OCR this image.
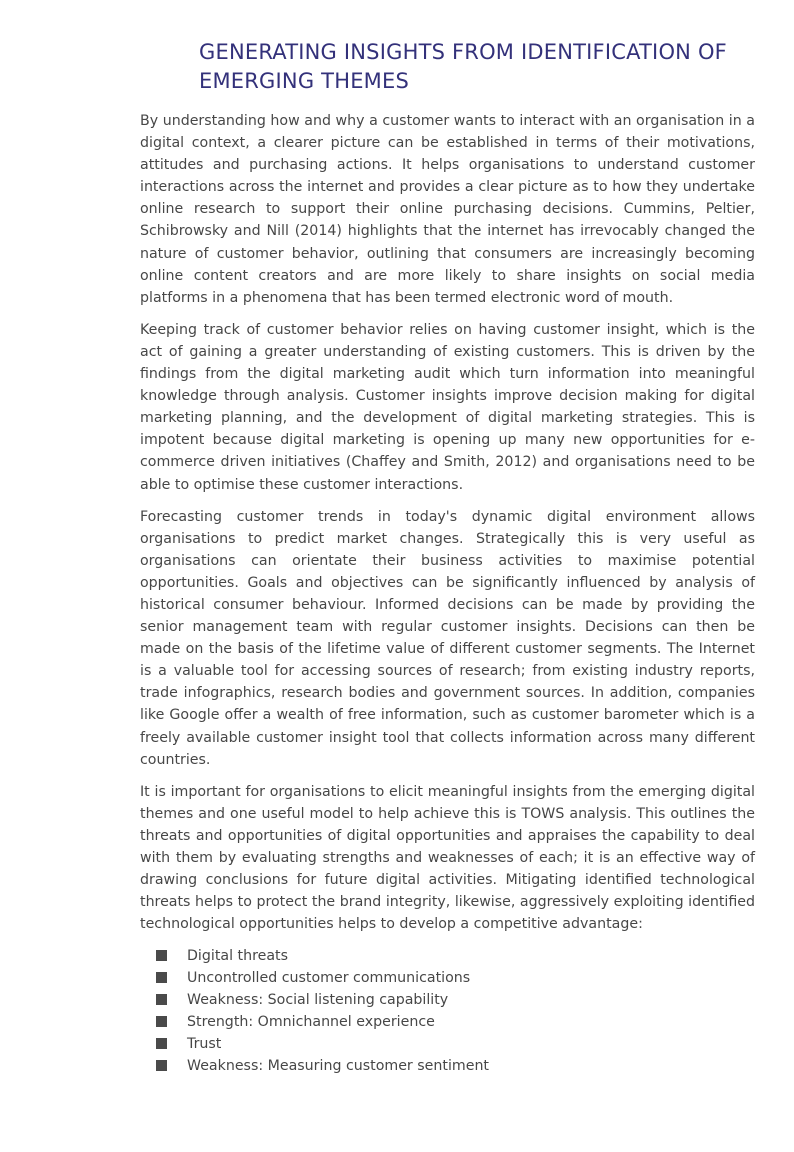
GENERATING INSIGHTS FROM IDENTIFICATION OF EMERGING THEMES

By understanding how and why a customer wants to interact with an organisation in a digital context, a clearer picture can be established in terms of their motivations, attitudes and purchasing actions. It helps organisations to understand customer interactions across the internet and provides a clear picture as to how they undertake online research to support their online purchasing decisions. Cummins, Peltier, Schibrowsky and Nill (2014) highlights that the internet has irrevocably changed the nature of customer behavior, outlining that consumers are increasingly becoming online content creators and are more likely to share insights on social media platforms in a phenomena that has been termed electronic word of mouth.

Keeping track of customer behavior relies on having customer insight, which is the act of gaining a greater understanding of existing customers. This is driven by the findings from the digital marketing audit which turn information into meaningful knowledge through analysis. Customer insights improve decision making for digital marketing planning, and the development of digital marketing strategies. This is impotent because digital marketing is opening up many new opportunities for e-commerce driven initiatives (Chaffey and Smith, 2012) and organisations need to be able to optimise these customer interactions.

Forecasting customer trends in today's dynamic digital environment allows organisations to predict market changes. Strategically this is very useful as organisations can orientate their business activities to maximise potential opportunities. Goals and objectives can be significantly influenced by analysis of historical consumer behaviour. Informed decisions can be made by providing the senior management team with regular customer insights. Decisions can then be made on the basis of the lifetime value of different customer segments. The Internet is a valuable tool for accessing sources of research; from existing industry reports, trade infographics, research bodies and government sources. In addition, companies like Google offer a wealth of free information, such as customer barometer which is a freely available customer insight tool that collects information across many different countries.

It is important for organisations to elicit meaningful insights from the emerging digital themes and one useful model to help achieve this is TOWS analysis. This outlines the threats and opportunities of digital opportunities and appraises the capability to deal with them by evaluating strengths and weaknesses of each; it is an effective way of drawing conclusions for future digital activities. Mitigating identified technological threats helps to protect the brand integrity, likewise, aggressively exploiting identified technological opportunities helps to develop a competitive advantage:

Digital threats
Uncontrolled customer communications
Weakness: Social listening capability
Strength: Omnichannel experience
Trust
Weakness: Measuring customer sentiment
